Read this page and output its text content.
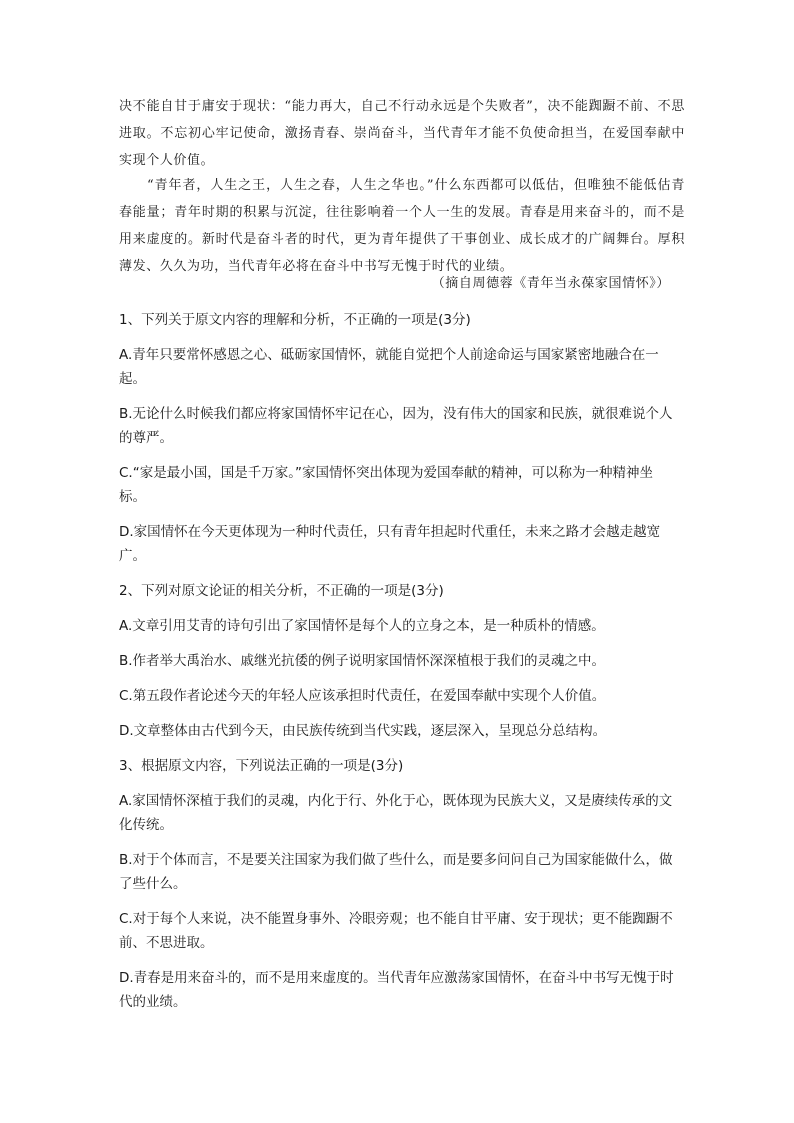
决不能自甘于庸安于现状：“能力再大，自己不行动永远是个失败者”，决不能踟蹰不前、不思进取。不忘初心牢记使命，激扬青春、崇尚奋斗，当代青年才能不负使命担当，在爱国奉献中实现个人价值。

“青年者，人生之王，人生之春，人生之华也。”什么东西都可以低估，但唯独不能低估青春能量；青年时期的积累与沉淀，往往影响着一个人一生的发展。青春是用来奋斗的，而不是用来虚度的。新时代是奋斗者的时代，更为青年提供了干事创业、成长成才的广阔舞台。厚积薄发、久久为功，当代青年必将在奋斗中书写无愧于时代的业绩。

（摘自周德蓉《青年当永葆家国情怀》）

1、下列关于原文内容的理解和分析，不正确的一项是(3分)

A.青年只要常怀感恩之心、砥砺家国情怀，就能自觉把个人前途命运与国家紧密地融合在一起。

B.无论什么时候我们都应将家国情怀牢记在心，因为，没有伟大的国家和民族，就很难说个人的尊严。

C.“家是最小国，国是千万家。”家国情怀突出体现为爱国奉献的精神，可以称为一种精神坐标。

D.家国情怀在今天更体现为一种时代责任，只有青年担起时代重任，未来之路才会越走越宽广。

2、下列对原文论证的相关分析，不正确的一项是(3分)

A.文章引用艾青的诗句引出了家国情怀是每个人的立身之本，是一种质朴的情感。

B.作者举大禹治水、戚继光抗倭的例子说明家国情怀深深植根于我们的灵魂之中。

C.第五段作者论述今天的年轻人应该承担时代责任，在爱国奉献中实现个人价值。

D.文章整体由古代到今天，由民族传统到当代实践，逐层深入，呈现总分总结构。

3、根据原文内容，下列说法正确的一项是(3分)

A.家国情怀深植于我们的灵魂，内化于行、外化于心，既体现为民族大义，又是赓续传承的文化传统。

B.对于个体而言，不是要关注国家为我们做了些什么，而是要多问问自己为国家能做什么，做了些什么。

C.对于每个人来说，决不能置身事外、冷眼旁观；也不能自甘平庸、安于现状；更不能踟蹰不前、不思进取。

D.青春是用来奋斗的，而不是用来虚度的。当代青年应激荡家国情怀，在奋斗中书写无愧于时代的业绩。
